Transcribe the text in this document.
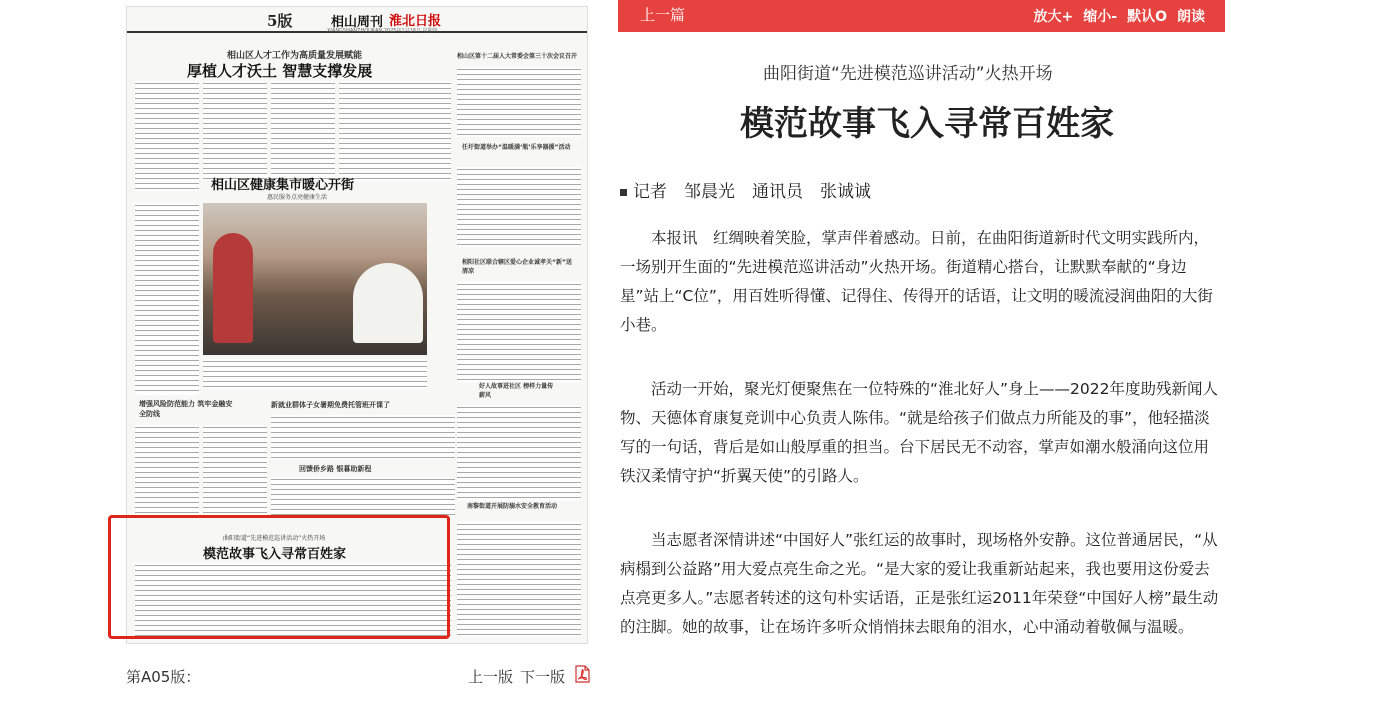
5版	相山周刊 淮北日报
XIANGSHANZHOUKAN 2025年1月16日 星期四
相山区人才工作为高质量发展赋能
厚植人才沃土 智慧支撑发展
相山区第十二届人大常委会第三十次会议召开
任圩街道举办“温暖满‘瓶’乐享器援”活动
相山区健康集市暖心开街
惠民服务点亮健康生活
相阳社区联合辖区爱心企业诚孝关“新”送清凉
好人故事进社区 榜样力量传薪风
增强风险防范能力 筑牢金融安全防线
新就业群体子女暑期免费托管班开课了
回馈侨乡路 银暮助新程
南黎街道开展防溺水安全教育活动
曲阳街道“先进模范巡讲活动”火热开场
模范故事飞入寻常百姓家
第A05版：	上一版 下一版
上一篇	放大+ 缩小- 默认O 朗读
曲阳街道“先进模范巡讲活动”火热开场
模范故事飞入寻常百姓家
记者　邹晨光　通讯员　张诚诚

本报讯　红绸映着笑脸，掌声伴着感动。日前，在曲阳街道新时代文明实践所内，一场别开生面的“先进模范巡讲活动”火热开场。街道精心搭台，让默默奉献的“身边星”站上“C位”，用百姓听得懂、记得住、传得开的话语，让文明的暖流浸润曲阳的大街小巷。

活动一开始，聚光灯便聚焦在一位特殊的“淮北好人”身上——2022年度助残新闻人物、天德体育康复竞训中心负责人陈伟。“就是给孩子们做点力所能及的事”，他轻描淡写的一句话，背后是如山般厚重的担当。台下居民无不动容，掌声如潮水般涌向这位用铁汉柔情守护“折翼天使”的引路人。

当志愿者深情讲述“中国好人”张红运的故事时，现场格外安静。这位普通居民，“从病榻到公益路”用大爱点亮生命之光。“是大家的爱让我重新站起来，我也要用这份爱去点亮更多人。”志愿者转述的这句朴实话语，正是张红运2011年荣登“中国好人榜”最生动的注脚。她的故事，让在场许多听众悄悄抹去眼角的泪水，心中涌动着敬佩与温暖。
